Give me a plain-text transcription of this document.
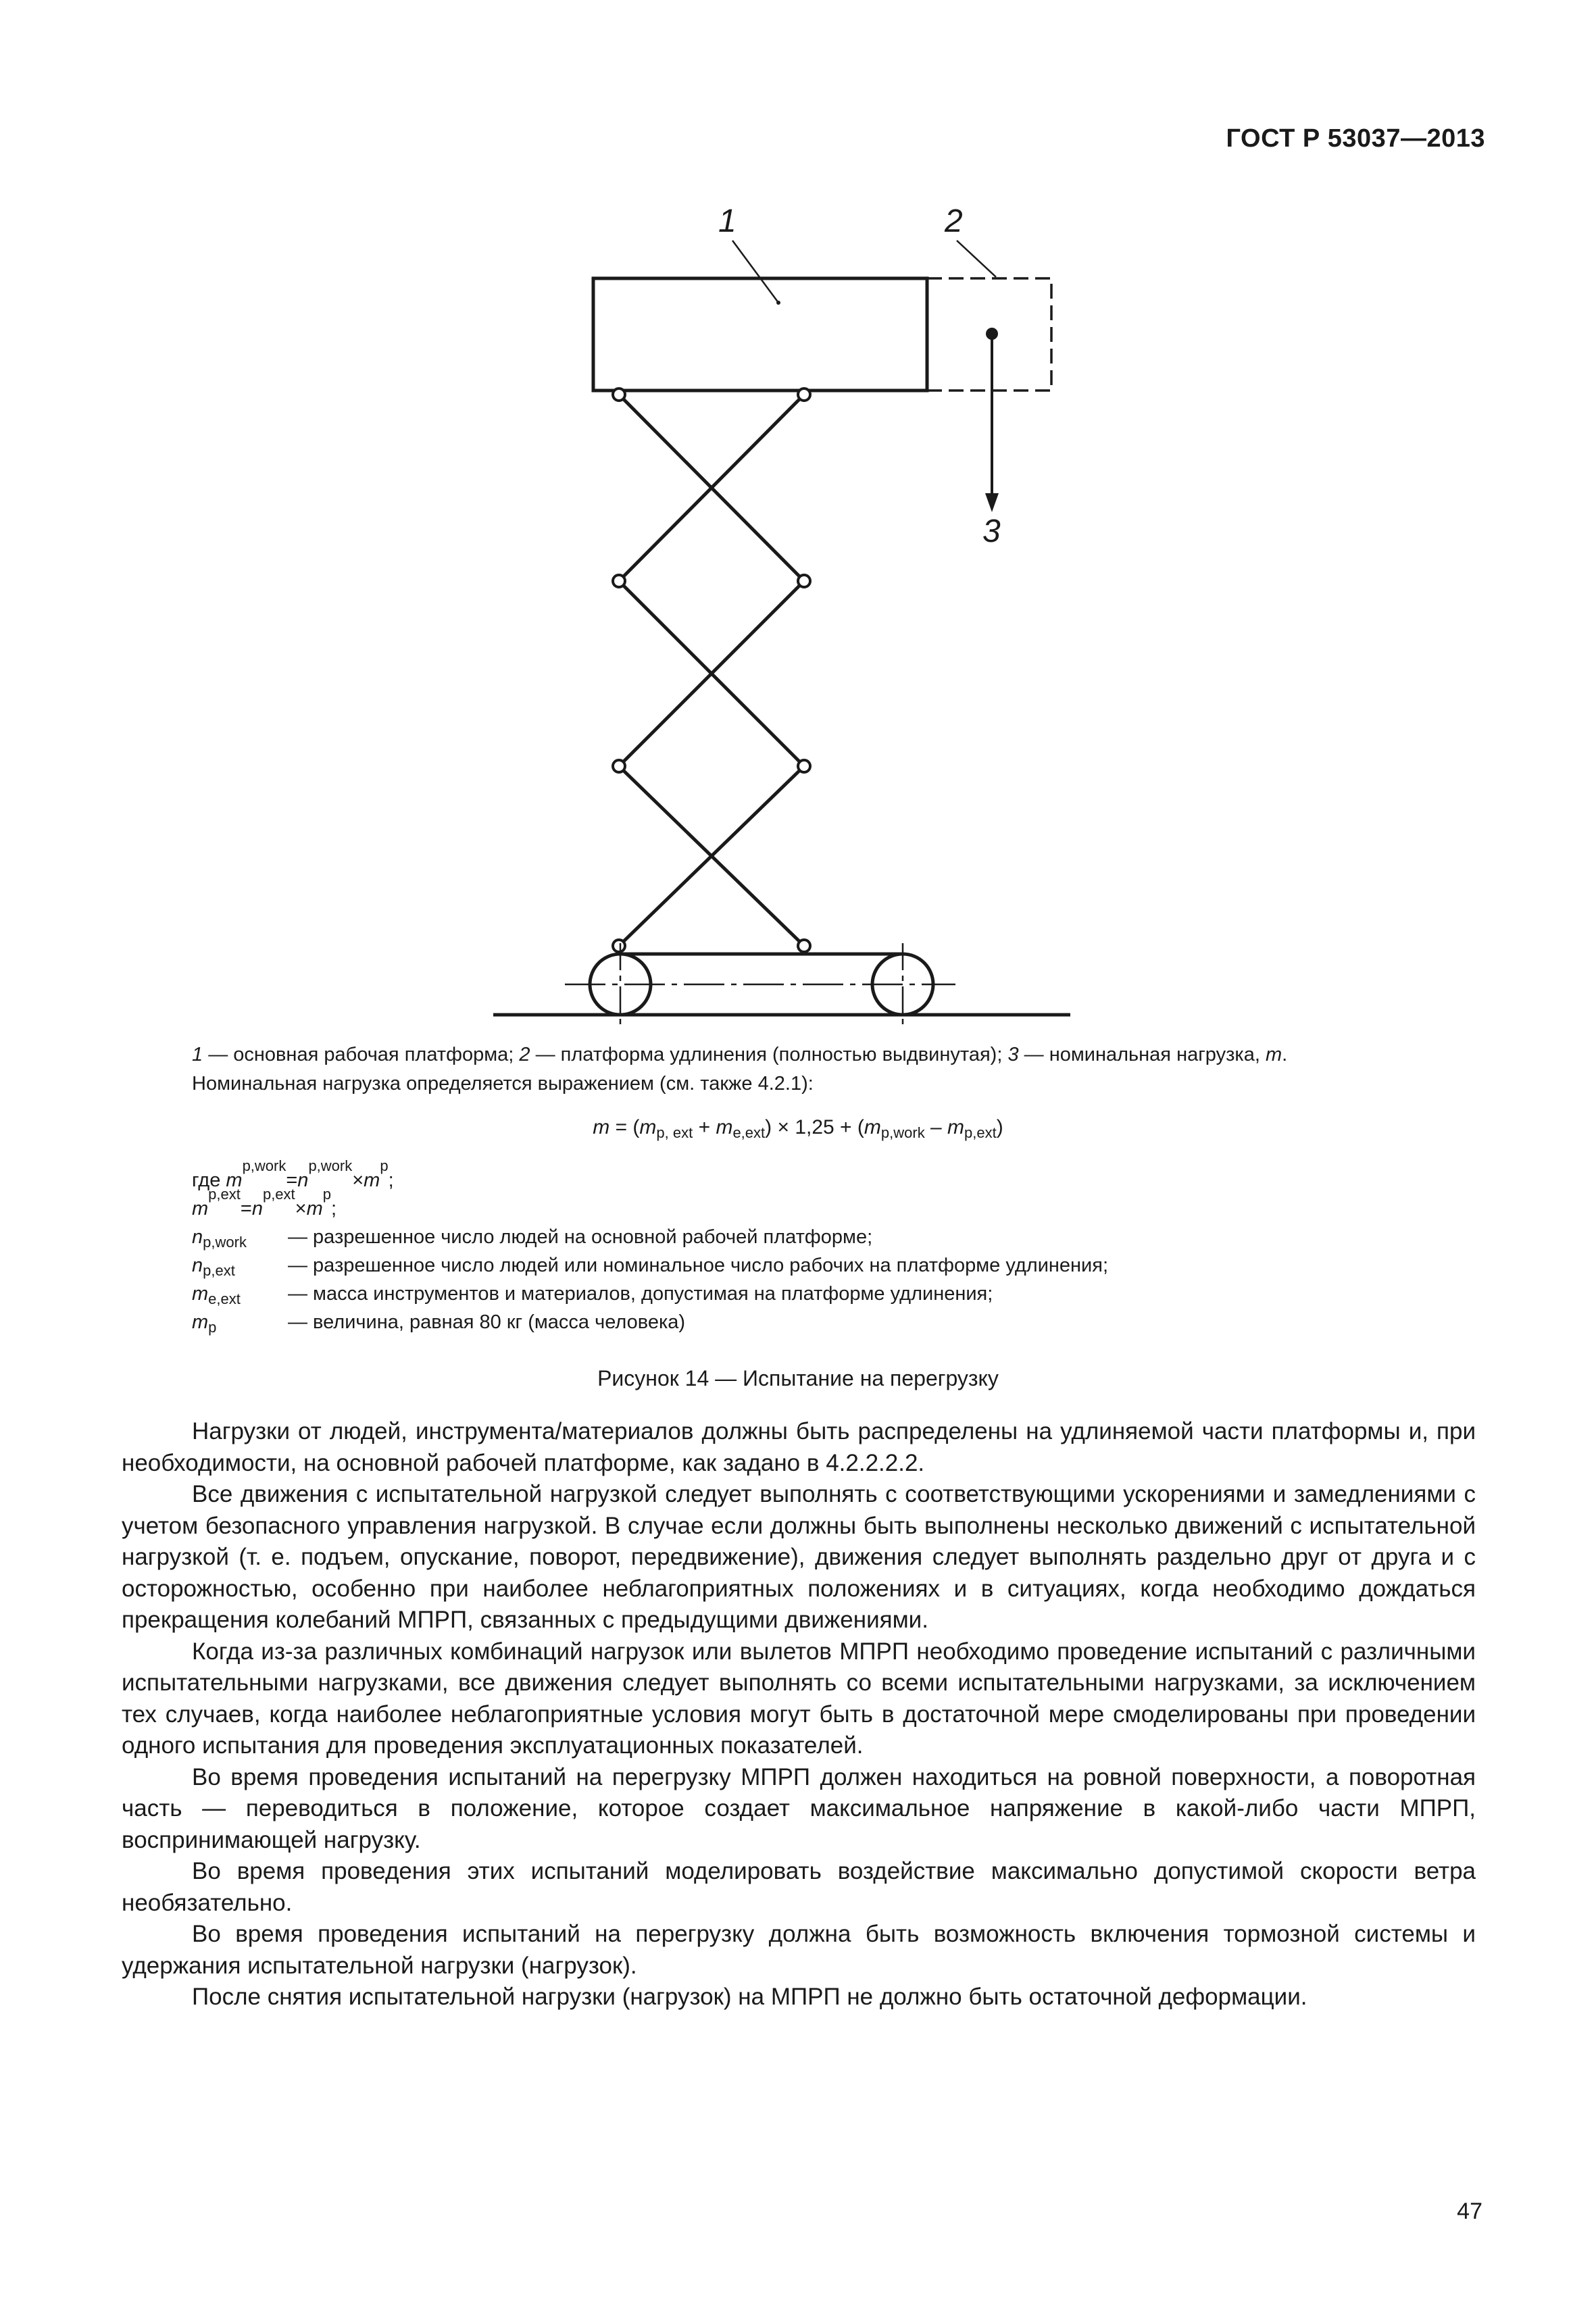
ГОСТ Р 53037—2013
1	2
3
1 — основная рабочая платформа; 2 — платформа удлинения (полностью выдвинутая); 3 — номинальная нагрузка, m.
Номинальная нагрузка определяется выражением (см. также 4.2.1):
$m = (m_{p, ext} + m_{e,ext}) \times 1,25 + (m_{p,work} - m_{p,ext})$
где
m
p,work
= n
p,work
× m
p
;
m
p,ext
= n
p,ext
× m
p
;
$n_{p,work}$	— разрешенное число людей на основной рабочей платформе;
$n_{p,ext}$	— разрешенное число людей или номинальное число рабочих на платформе удлинения;
$m_{e,ext}$	— масса инструментов и материалов, допустимая на платформе удлинения;
$m_p$	— величина, равная 80 кг (масса человека)
Рисунок 14 — Испытание на перегрузку

Нагрузки от людей, инструмента/материалов должны быть распределены на удлиняемой части платформы и, при необходимости, на основной рабочей платформе, как задано в 4.2.2.2.2.

Все движения с испытательной нагрузкой следует выполнять с соответствующими ускорениями и замедлениями с учетом безопасного управления нагрузкой. В случае если должны быть выполнены несколько движений с испытательной нагрузкой (т. е. подъем, опускание, поворот, передвижение), движения следует выполнять раздельно друг от друга и с осторожностью, особенно при наиболее неблагоприятных положениях и в ситуациях, когда необходимо дождаться прекращения колебаний МПРП, связанных с предыдущими движениями.

Когда из-за различных комбинаций нагрузок или вылетов МПРП необходимо проведение испытаний с различными испытательными нагрузками, все движения следует выполнять со всеми испытательными нагрузками, за исключением тех случаев, когда наиболее неблагоприятные условия могут быть в достаточной мере смоделированы при проведении одного испытания для проведения эксплуатационных показателей.

Во время проведения испытаний на перегрузку МПРП должен находиться на ровной поверхности, а поворотная часть — переводиться в положение, которое создает максимальное напряжение в какой-либо части МПРП, воспринимающей нагрузку.

Во время проведения этих испытаний моделировать воздействие максимально допустимой скорости ветра необязательно.

Во время проведения испытаний на перегрузку должна быть возможность включения тормозной системы и удержания испытательной нагрузки (нагрузок).

После снятия испытательной нагрузки (нагрузок) на МПРП не должно быть остаточной деформации.

47
